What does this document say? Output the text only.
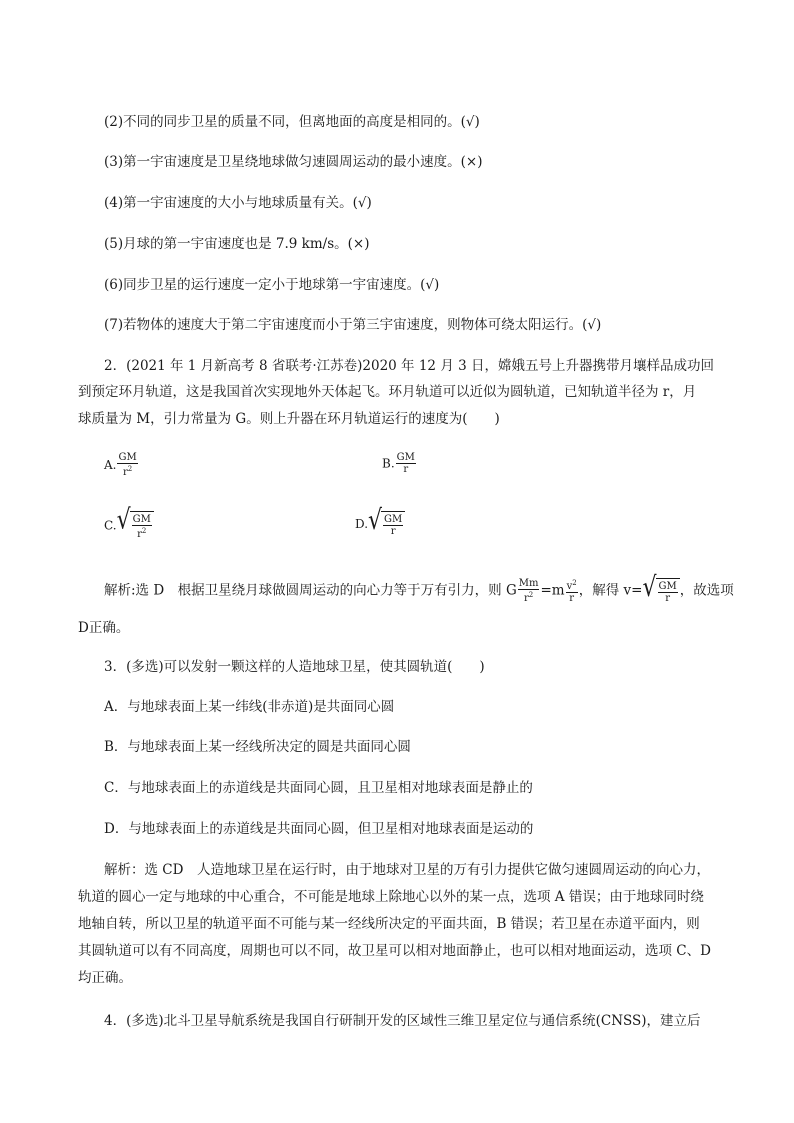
(2)不同的同步卫星的质量不同，但离地面的高度是相同的。(√)
(3)第一宇宙速度是卫星绕地球做匀速圆周运动的最小速度。(×)
(4)第一宇宙速度的大小与地球质量有关。(√)
(5)月球的第一宇宙速度也是 7.9 km/s。(×)
(6)同步卫星的运行速度一定小于地球第一宇宙速度。(√)
(7)若物体的速度大于第二宇宙速度而小于第三宇宙速度，则物体可绕太阳运行。(√)
2．(2021 年 1 月新高考 8 省联考·江苏卷)2020 年 12 月 3 日，嫦娥五号上升器携带月壤样品成功回
到预定环月轨道，这是我国首次实现地外天体起飞。环月轨道可以近似为圆轨道，已知轨道半径为 r，月
球质量为 M，引力常量为 G。则上升器在环月轨道运行的速度为(　　)
A. $\frac{GM}{r^2}$	B. $\frac{GM}{r}$
C. √ $\frac{GM}{r^2}$	D. √ $\frac{GM}{r}$
解析:选 D　根据卫星绕月球做圆周运动的向心力等于万有引力，则 G $\frac{Mm}{r^2} =m \frac{v^2}{r}$ ，解得 v= √ $\frac{GM}{r}$ ，故选项
D正确。
3．(多选)可以发射一颗这样的人造地球卫星，使其圆轨道(　　)
A．与地球表面上某一纬线(非赤道)是共面同心圆
B．与地球表面上某一经线所决定的圆是共面同心圆
C．与地球表面上的赤道线是共面同心圆，且卫星相对地球表面是静止的
D．与地球表面上的赤道线是共面同心圆，但卫星相对地球表面是运动的
解析：选 CD　人造地球卫星在运行时，由于地球对卫星的万有引力提供它做匀速圆周运动的向心力，
轨道的圆心一定与地球的中心重合，不可能是地球上除地心以外的某一点，选项 A 错误；由于地球同时绕
地轴自转，所以卫星的轨道平面不可能与某一经线所决定的平面共面，B 错误；若卫星在赤道平面内，则
其圆轨道可以有不同高度，周期也可以不同，故卫星可以相对地面静止，也可以相对地面运动，选项 C、D
均正确。
4．(多选)北斗卫星导航系统是我国自行研制开发的区域性三维卫星定位与通信系统(CNSS)，建立后
